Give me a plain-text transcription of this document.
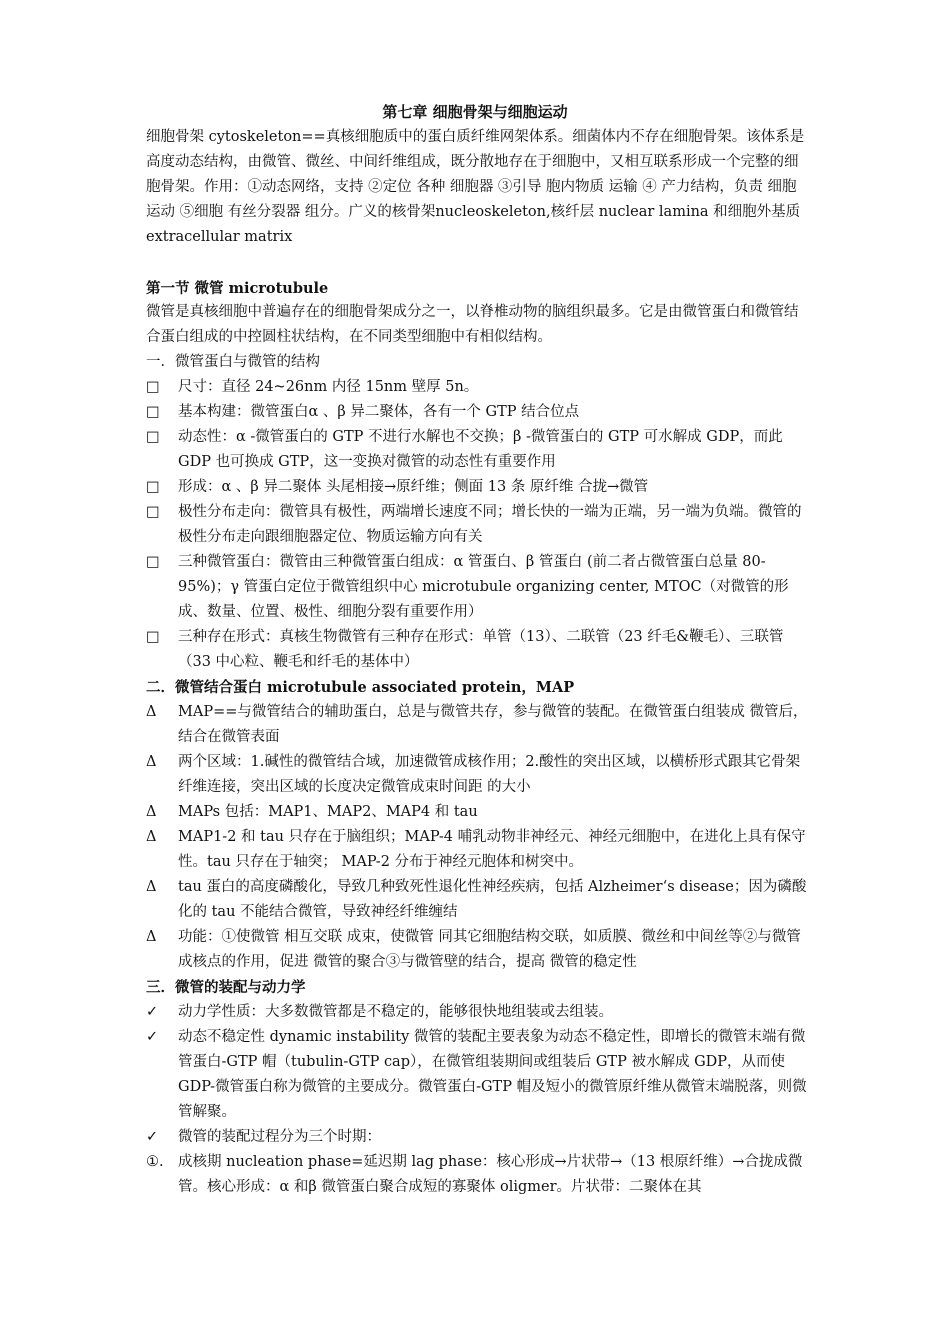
第七章 细胞骨架与细胞运动
细胞骨架 cytoskeleton==真核细胞质中的蛋白质纤维网架体系。细菌体内不存在细胞骨架。该体系是高度动态结构，由微管、微丝、中间纤维组成，既分散地存在于细胞中，又相互联系形成一个完整的细胞骨架。作用：①动态网络，支持 ②定位 各种 细胞器 ③引导 胞内物质 运输 ④ 产力结构，负责 细胞运动 ⑤细胞 有丝分裂器 组分。广义的核骨架nucleoskeleton,核纤层 nuclear lamina 和细胞外基质 extracellular matrix
第一节 微管 microtubule
微管是真核细胞中普遍存在的细胞骨架成分之一，以脊椎动物的脑组织最多。它是由微管蛋白和微管结合蛋白组成的中控圆柱状结构，在不同类型细胞中有相似结构。
一．微管蛋白与微管的结构
□	尺寸：直径 24~26nm 内径 15nm 壁厚 5n。
□	基本构建：微管蛋白α 、β 异二聚体，各有一个 GTP 结合位点
□	动态性：α -微管蛋白的 GTP 不进行水解也不交换；β -微管蛋白的 GTP 可水解成 GDP，而此 GDP 也可换成 GTP，这一变换对微管的动态性有重要作用
□	形成：α 、β 异二聚体 头尾相接→原纤维；侧面 13 条 原纤维 合拢→微管
□	极性分布走向：微管具有极性，两端增长速度不同；增长快的一端为正端，另一端为负端。微管的极性分布走向跟细胞器定位、物质运输方向有关
□	三种微管蛋白：微管由三种微管蛋白组成：α 管蛋白、β 管蛋白 (前二者占微管蛋白总量 80-95%)；γ 管蛋白定位于微管组织中心 microtubule organizing center, MTOC（对微管的形成、数量、位置、极性、细胞分裂有重要作用）
□	三种存在形式：真核生物微管有三种存在形式：单管（13）、二联管（23 纤毛&鞭毛）、三联管（33 中心粒、鞭毛和纤毛的基体中）
二．微管结合蛋白 microtubule associated protein，MAP
Δ	MAP==与微管结合的辅助蛋白，总是与微管共存，参与微管的装配。在微管蛋白组装成 微管后，结合在微管表面
Δ	两个区域：1.碱性的微管结合域，加速微管成核作用；2.酸性的突出区域，以横桥形式跟其它骨架纤维连接，突出区域的长度决定微管成束时间距 的大小
Δ	MAPs 包括：MAP1、MAP2、MAP4 和 tau
Δ	MAP1-2 和 tau 只存在于脑组织；MAP-4 哺乳动物非神经元、神经元细胞中，在进化上具有保守性。tau 只存在于轴突； MAP-2 分布于神经元胞体和树突中。
Δ	tau 蛋白的高度磷酸化，导致几种致死性退化性神经疾病，包括 Alzheimer‘s disease；因为磷酸化的 tau 不能结合微管，导致神经纤维缠结
Δ	功能：①使微管 相互交联 成束，使微管 同其它细胞结构交联，如质膜、微丝和中间丝等②与微管成核点的作用，促进 微管的聚合③与微管壁的结合，提高 微管的稳定性
三．微管的装配与动力学
✓	动力学性质：大多数微管都是不稳定的，能够很快地组装或去组装。
✓	动态不稳定性 dynamic instability 微管的装配主要表象为动态不稳定性，即增长的微管末端有微管蛋白-GTP 帽（tubulin-GTP cap），在微管组装期间或组装后 GTP 被水解成 GDP，从而使 GDP-微管蛋白称为微管的主要成分。微管蛋白-GTP 帽及短小的微管原纤维从微管末端脱落，则微管解聚。
✓	微管的装配过程分为三个时期：
①. 成核期 nucleation phase=延迟期 lag phase：核心形成→片状带→（13 根原纤维）→合拢成微管。核心形成：α 和β 微管蛋白聚合成短的寡聚体 oligmer。片状带：二聚体在其
